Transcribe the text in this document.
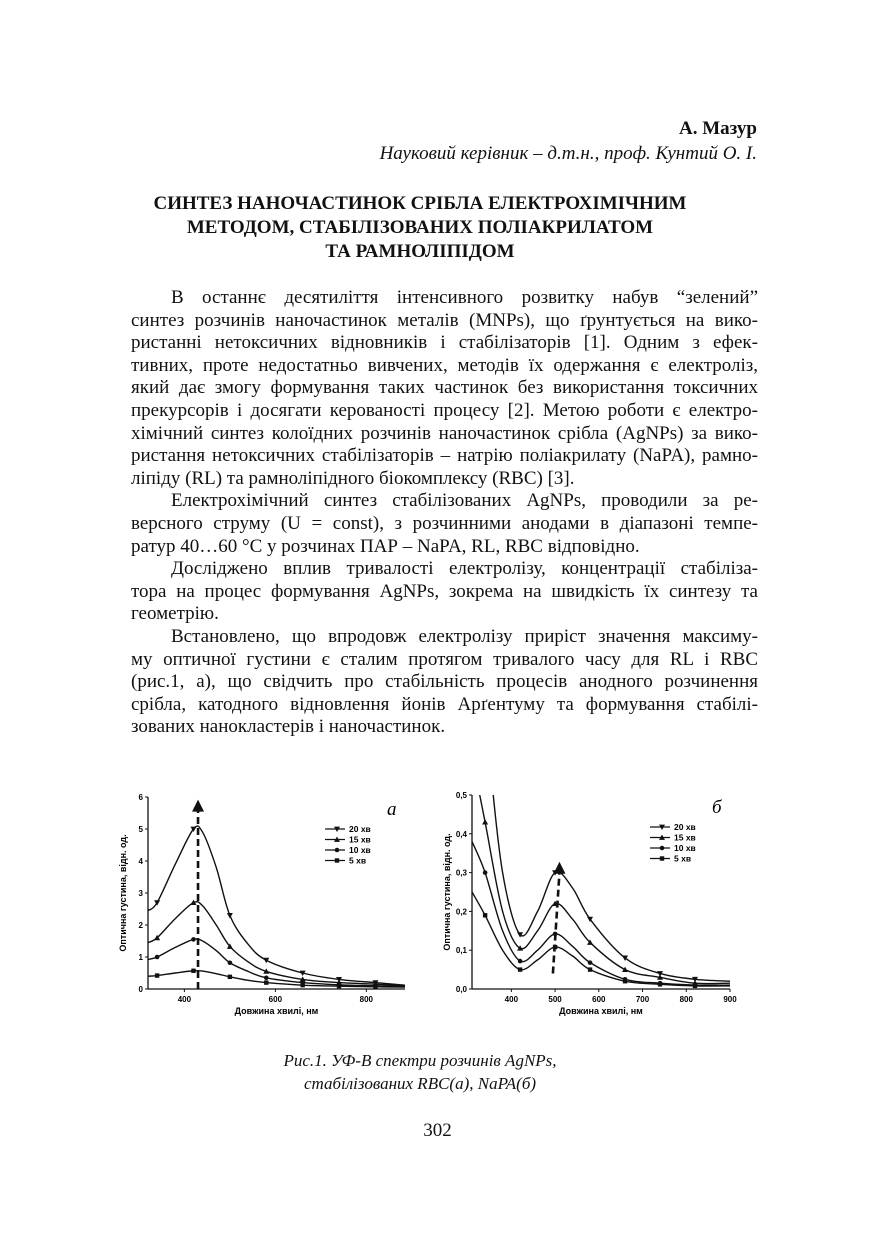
А. Мазур
Науковий керівник – д.т.н., проф. Кунтий О. І.
СИНТЕЗ НАНОЧАСТИНОК СРІБЛА ЕЛЕКТРОХІМІЧНИМ
МЕТОДОМ, СТАБІЛІЗОВАНИХ ПОЛІАКРИЛАТОМ
ТА РАМНОЛІПІДОМ
В останнє десятиліття інтенсивного розвитку набув “зелений”
синтез розчинів наночастинок металів (MNPs), що ґрунтується на вико-
ристанні нетоксичних відновників і стабілізаторів [1]. Одним з ефек-
тивних, проте недостатньо вивчених, методів їх одержання є електроліз,
який дає змогу формування таких частинок без використання токсичних
прекурсорів і досягати керованості процесу [2]. Метою роботи є електро-
хімічний синтез колоїдних розчинів наночастинок срібла (AgNPs) за вико-
ристання нетоксичних стабілізаторів – натрію поліакрилату (NaPA), рамно-
ліпіду (RL) та рамноліпідного біокомплексу (RBC) [3].
Електрохімічний синтез стабілізованих AgNPs, проводили за ре-
версного струму (U = const), з розчинними анодами в діапазоні темпе-
ратур 40…60 °C у розчинах ПАР – NaPA, RL, RBC відповідно.
Досліджено вплив тривалості електролізу, концентрації стабіліза-
тора на процес формування AgNPs, зокрема на швидкість їх синтезу та
геометрію.
Встановлено, що впродовж електролізу приріст значення максиму-
му оптичної густини є сталим протягом тривалого часу для RL і RBC
(рис.1, а), що свідчить про стабільність процесів анодного розчинення
срібла, катодного відновлення йонів Арґентуму та формування стабілі-
зованих нанокластерів і наночастинок.
0
1
2
3
4
5
6
400	600	800
Довжина хвилі, нм
Оптична густина, відн. од.
а
20 хв
15 хв
10 хв
5 хв
0,0
0,1
0,2
0,3
0,4
0,5
400	500	600	700	800	900
Довжина хвилі, нм
Оптична густина, відн. од.
б
20 хв
15 хв
10 хв
5 хв
Рис.1. УФ-В спектри розчинів AgNPs,
стабілізованих RBC(а), NaPA(б)
302
